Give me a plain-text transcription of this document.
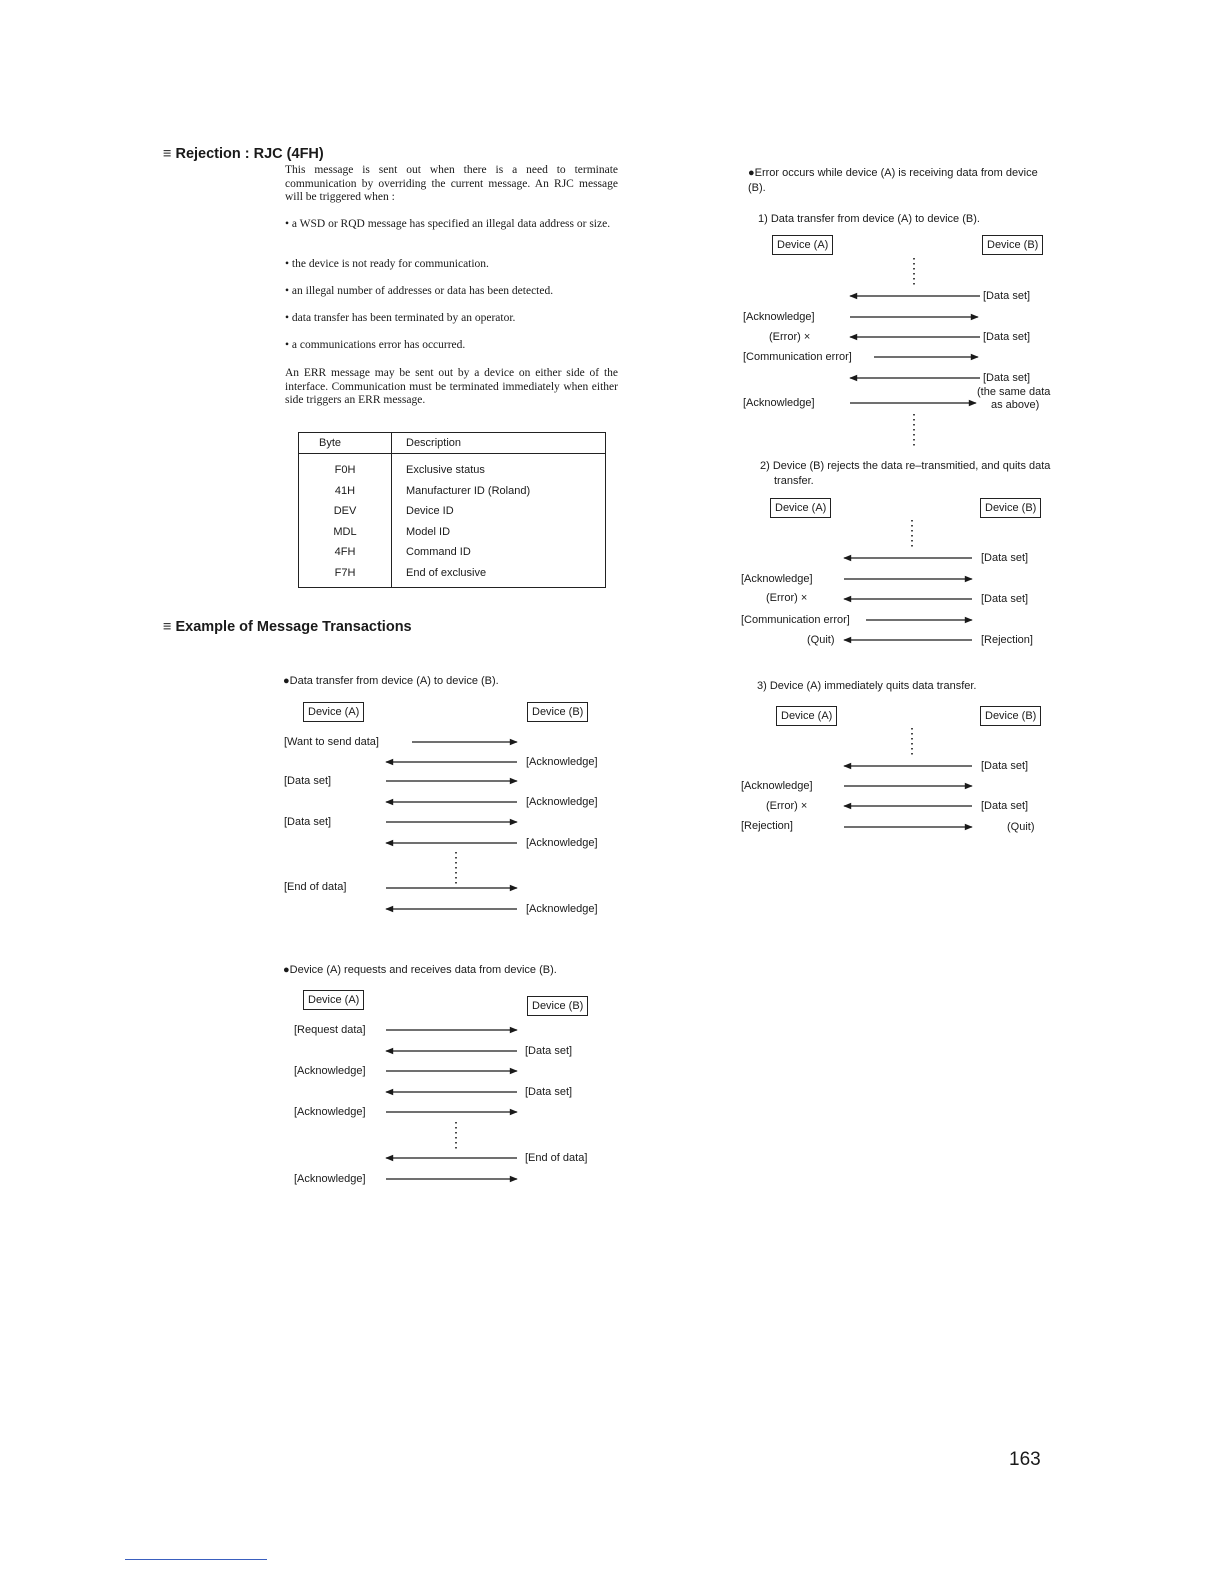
≡ Rejection : RJC (4FH)
This message is sent out when there is a need to terminate communication by overriding the current message. An RJC message will be triggered when :
• a WSD or RQD message has specified an illegal data address or size.
• the device is not ready for communication.
• an illegal number of addresses or data has been detected.
• data transfer has been terminated by an operator.
• a communications error has occurred.
An ERR message may be sent out by a device on either side of the interface. Communication must be terminated immediately when either side triggers an ERR message.
Byte	Description
F0H	Exclusive status
41H	Manufacturer ID (Roland)
DEV	Device ID
MDL	Model ID
4FH	Command ID
F7H	End of exclusive
≡ Example of Message Transactions
●Data transfer from device (A) to device (B).
Device (A)	Device (B)
[Want to send data]
[Acknowledge]
[Data set]
[Acknowledge]
[Data set]
[Acknowledge]
[End of data]
[Acknowledge]
●Device (A) requests and receives data from device (B).
Device (A)	Device (B)
[Request data]
[Data set]
[Acknowledge]
[Data set]
[Acknowledge]
[End of data]
[Acknowledge]
●Error occurs while device (A) is receiving data from device (B).
1) Data transfer from device (A) to device (B).
Device (A)	Device (B)
[Data set]
[Acknowledge]
(Error) ×	[Data set]
[Communication error]
[Data set]
(the same data
as above)
[Acknowledge]
2) Device (B) rejects the data re–transmitied, and quits data transfer.
Device (A)	Device (B)
[Data set]
[Acknowledge]
(Error) ×	[Data set]
[Communication error]
(Quit)	[Rejection]
3) Device (A) immediately quits data transfer.
Device (A)	Device (B)
[Data set]
[Acknowledge]
(Error) ×	[Data set]
[Rejection]	(Quit)
163
